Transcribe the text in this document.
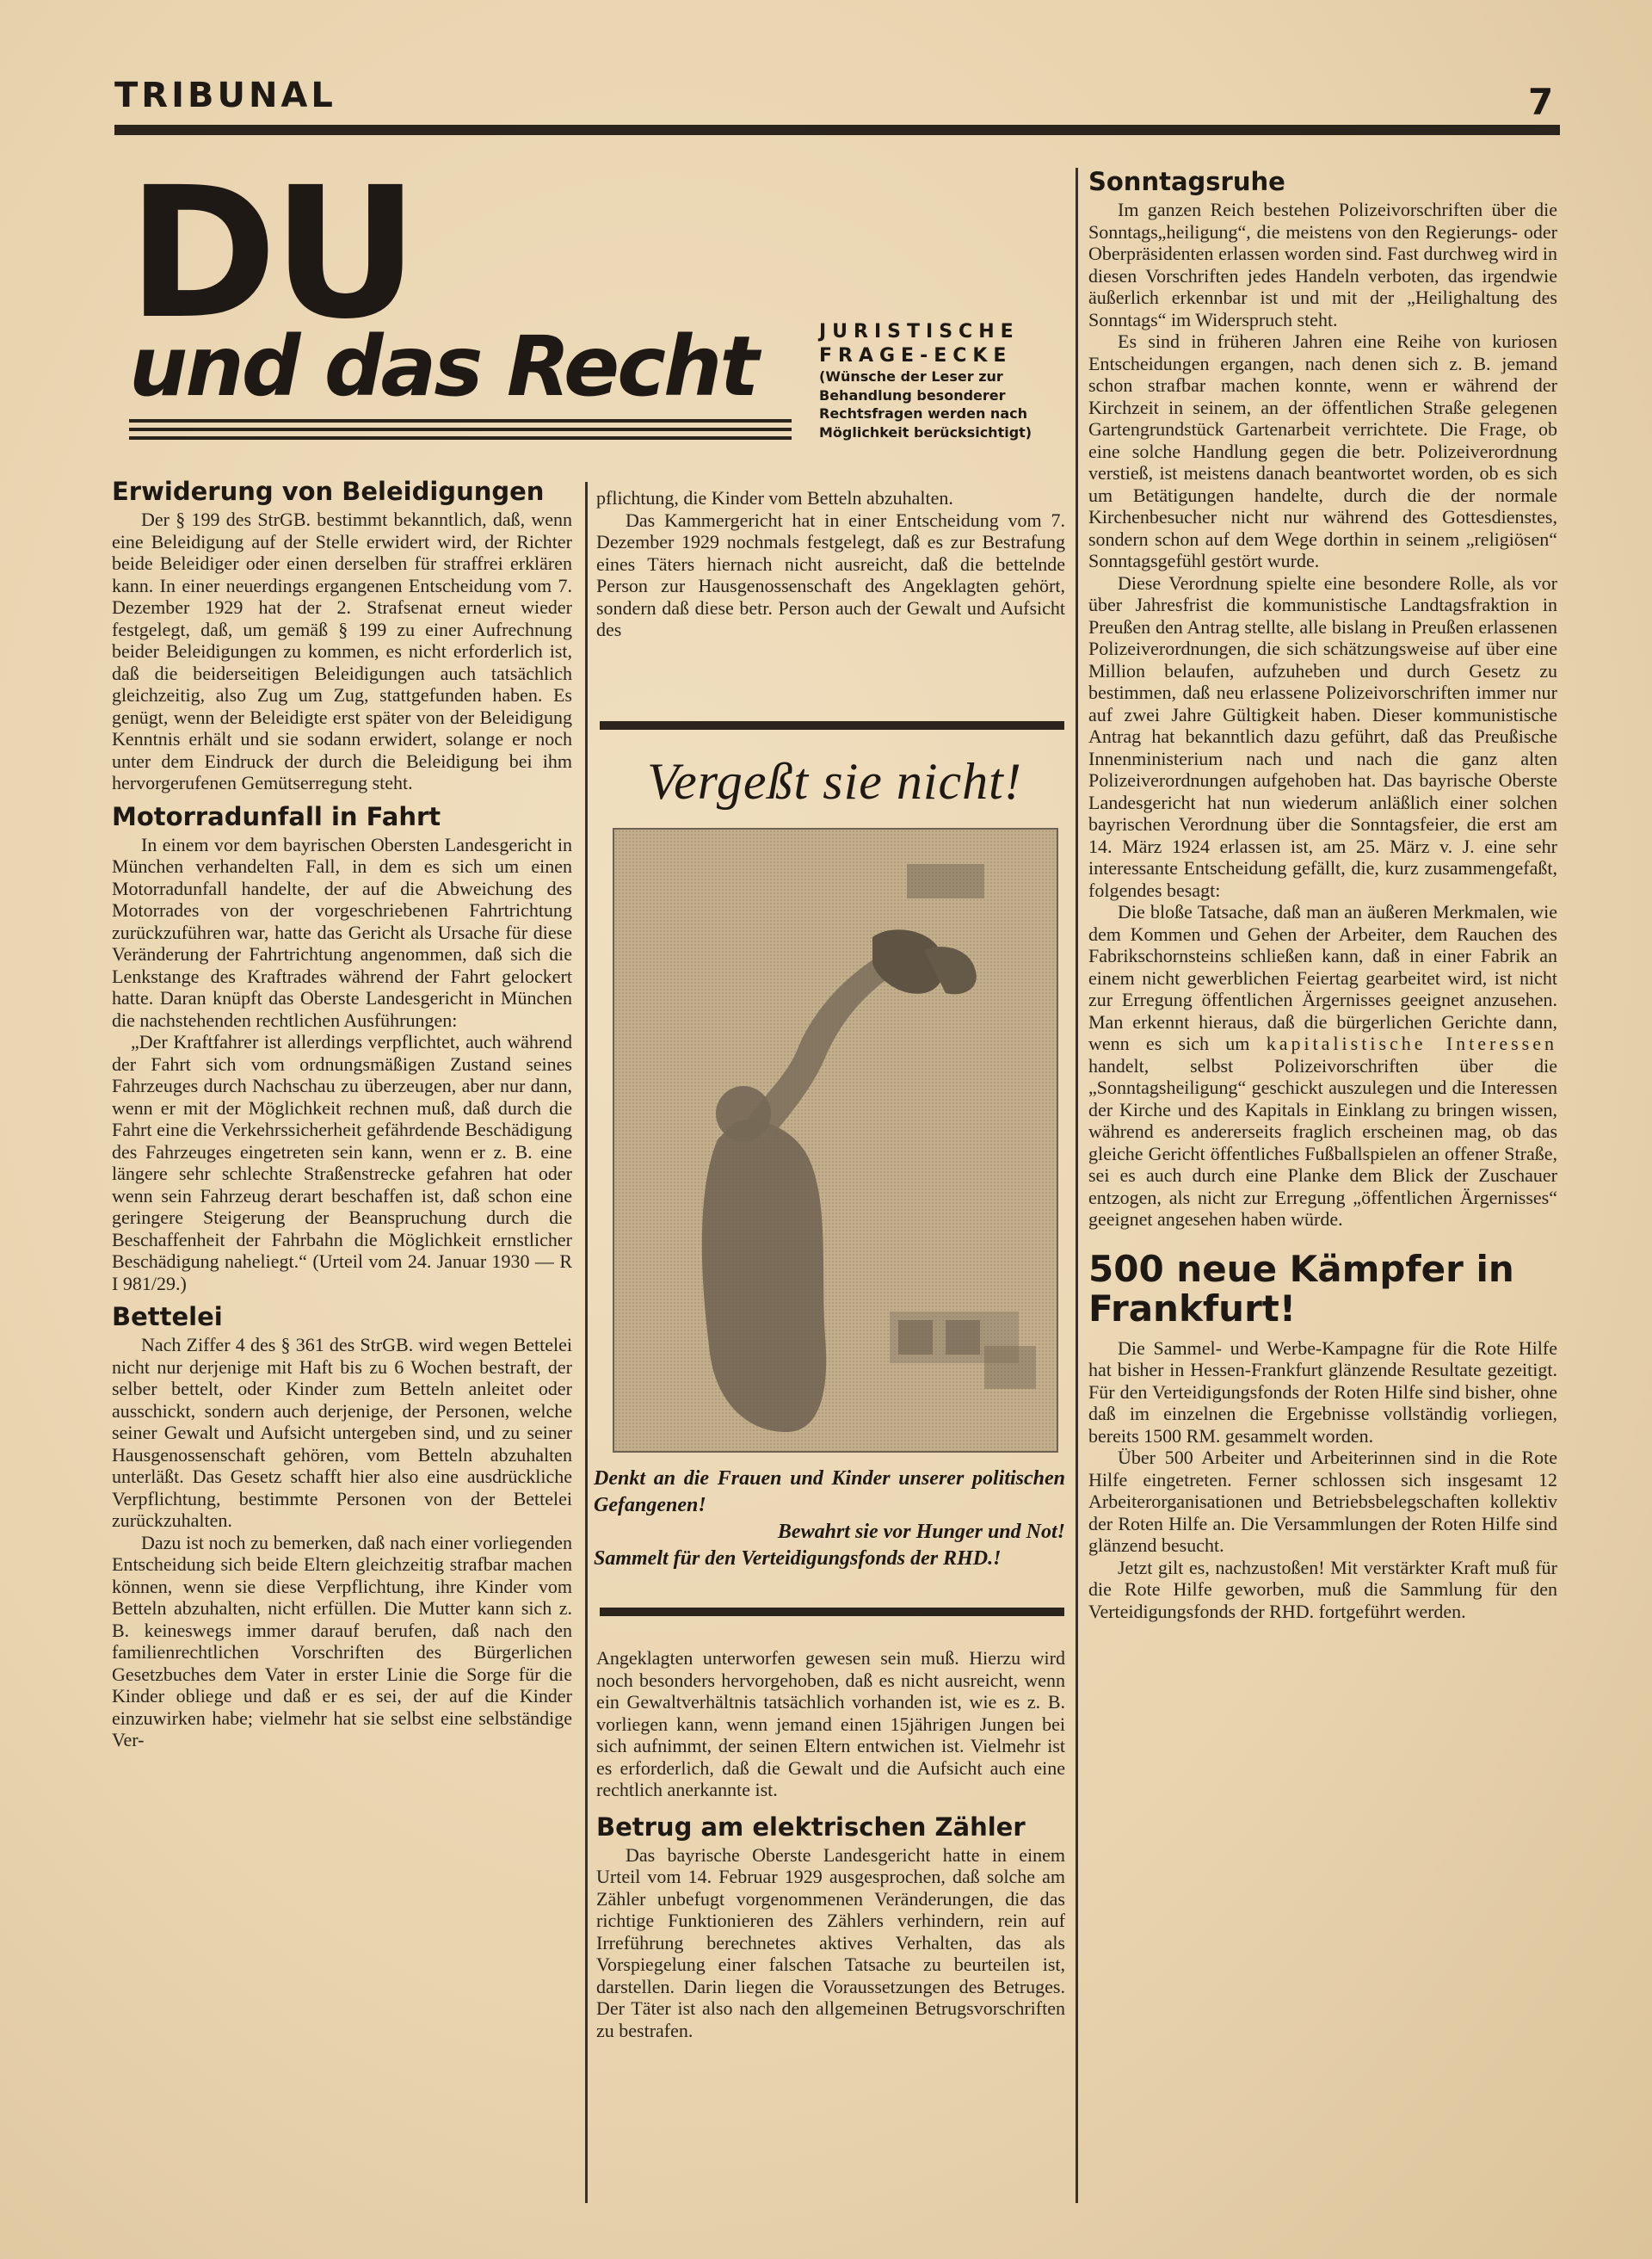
TRIBUNAL	7
DU
und das Recht	JURISTISCHE
FRAGE-ECKE
(Wünsche der Leser zur Behandlung besonderer Rechtsfragen werden nach Möglichkeit berücksichtigt)
Erwiderung von Beleidigungen

Der § 199 des StrGB. bestimmt bekanntlich, daß, wenn eine Beleidigung auf der Stelle erwidert wird, der Richter beide Beleidiger oder einen derselben für straffrei erklären kann. In einer neuerdings ergangenen Entscheidung vom 7. Dezember 1929 hat der 2. Strafsenat erneut wieder festgelegt, daß, um gemäß § 199 zu einer Aufrechnung beider Beleidigungen zu kommen, es nicht erforderlich ist, daß die beiderseitigen Beleidigungen auch tatsächlich gleichzeitig, also Zug um Zug, stattgefunden haben. Es genügt, wenn der Beleidigte erst später von der Beleidigung Kenntnis erhält und sie sodann erwidert, solange er noch unter dem Eindruck der durch die Beleidigung bei ihm hervorgerufenen Gemütserregung steht.

Motorradunfall in Fahrt

In einem vor dem bayrischen Obersten Landesgericht in München verhandelten Fall, in dem es sich um einen Motorradunfall handelte, der auf die Abweichung des Motorrades von der vorgeschriebenen Fahrtrichtung zurückzuführen war, hatte das Gericht als Ursache für diese Veränderung der Fahrtrichtung angenommen, daß sich die Lenkstange des Kraftrades während der Fahrt gelockert hatte. Daran knüpft das Oberste Landesgericht in München die nachstehenden rechtlichen Ausführungen:

„Der Kraftfahrer ist allerdings verpflichtet, auch während der Fahrt sich vom ordnungsmäßigen Zustand seines Fahrzeuges durch Nachschau zu überzeugen, aber nur dann, wenn er mit der Möglichkeit rechnen muß, daß durch die Fahrt eine die Verkehrssicherheit gefährdende Beschädigung des Fahrzeuges eingetreten sein kann, wenn er z. B. eine längere sehr schlechte Straßenstrecke gefahren hat oder wenn sein Fahrzeug derart beschaffen ist, daß schon eine geringere Steigerung der Beanspruchung durch die Beschaffenheit der Fahrbahn die Möglichkeit ernstlicher Beschädigung naheliegt.“ (Urteil vom 24. Januar 1930 — R I 981/29.)

Bettelei

Nach Ziffer 4 des § 361 des StrGB. wird wegen Bettelei nicht nur derjenige mit Haft bis zu 6 Wochen bestraft, der selber bettelt, oder Kinder zum Betteln anleitet oder ausschickt, sondern auch derjenige, der Personen, welche seiner Gewalt und Aufsicht untergeben sind, und zu seiner Hausgenossenschaft gehören, vom Betteln abzuhalten unterläßt. Das Gesetz schafft hier also eine ausdrückliche Verpflichtung, bestimmte Personen von der Bettelei zurückzuhalten.

Dazu ist noch zu bemerken, daß nach einer vorliegenden Entscheidung sich beide Eltern gleichzeitig strafbar machen können, wenn sie diese Verpflichtung, ihre Kinder vom Betteln abzuhalten, nicht erfüllen. Die Mutter kann sich z. B. keineswegs immer darauf berufen, daß nach den familienrechtlichen Vorschriften des Bürgerlichen Gesetzbuches dem Vater in erster Linie die Sorge für die Kinder obliege und daß er es sei, der auf die Kinder einzuwirken habe; vielmehr hat sie selbst eine selbständige Ver-

pflichtung, die Kinder vom Betteln abzuhalten.

Das Kammergericht hat in einer Entscheidung vom 7. Dezember 1929 nochmals festgelegt, daß es zur Bestrafung eines Täters hiernach nicht ausreicht, daß die bettelnde Person zur Hausgenossenschaft des Angeklagten gehört, sondern daß diese betr. Person auch der Gewalt und Aufsicht des

Vergeßt sie nicht!
Denkt an die Frauen und Kinder unserer politischen Gefangenen!
Bewahrt sie vor Hunger und Not!
Sammelt für den Verteidigungsfonds der RHD.!

Angeklagten unterworfen gewesen sein muß. Hierzu wird noch besonders hervorgehoben, daß es nicht ausreicht, wenn ein Gewaltverhältnis tatsächlich vorhanden ist, wie es z. B. vorliegen kann, wenn jemand einen 15jährigen Jungen bei sich aufnimmt, der seinen Eltern entwichen ist. Vielmehr ist es erforderlich, daß die Gewalt und die Aufsicht auch eine rechtlich anerkannte ist.

Betrug am elektrischen Zähler

Das bayrische Oberste Landesgericht hatte in einem Urteil vom 14. Februar 1929 ausgesprochen, daß solche am Zähler unbefugt vorgenommenen Veränderungen, die das richtige Funktionieren des Zählers verhindern, rein auf Irreführung berechnetes aktives Verhalten, das als Vorspiegelung einer falschen Tatsache zu beurteilen ist, darstellen. Darin liegen die Voraussetzungen des Betruges. Der Täter ist also nach den allgemeinen Betrugsvorschriften zu bestrafen.

Sonntagsruhe

Im ganzen Reich bestehen Polizeivorschriften über die Sonntags„heiligung“, die meistens von den Regierungs- oder Oberpräsidenten erlassen worden sind. Fast durchweg wird in diesen Vorschriften jedes Handeln verboten, das irgendwie äußerlich erkennbar ist und mit der „Heilighaltung des Sonntags“ im Widerspruch steht.

Es sind in früheren Jahren eine Reihe von kuriosen Entscheidungen ergangen, nach denen sich z. B. jemand schon strafbar machen konnte, wenn er während der Kirchzeit in seinem, an der öffentlichen Straße gelegenen Gartengrundstück Gartenarbeit verrichtete. Die Frage, ob eine solche Handlung gegen die betr. Polizeiverordnung verstieß, ist meistens danach beantwortet worden, ob es sich um Betätigungen handelte, durch die der normale Kirchenbesucher nicht nur während des Gottesdienstes, sondern schon auf dem Wege dorthin in seinem „religiösen“ Sonntagsgefühl gestört wurde.

Diese Verordnung spielte eine besondere Rolle, als vor über Jahresfrist die kommunistische Landtagsfraktion in Preußen den Antrag stellte, alle bislang in Preußen erlassenen Polizeiverordnungen, die sich schätzungsweise auf über eine Million belaufen, aufzuheben und durch Gesetz zu bestimmen, daß neu erlassene Polizeivorschriften immer nur auf zwei Jahre Gültigkeit haben. Dieser kommunistische Antrag hat bekanntlich dazu geführt, daß das Preußische Innenministerium nach und nach die ganz alten Polizeiverordnungen aufgehoben hat. Das bayrische Oberste Landesgericht hat nun wiederum anläßlich einer solchen bayrischen Verordnung über die Sonntagsfeier, die erst am 14. März 1924 erlassen ist, am 25. März v. J. eine sehr interessante Entscheidung gefällt, die, kurz zusammengefaßt, folgendes besagt:

Die bloße Tatsache, daß man an äußeren Merkmalen, wie dem Kommen und Gehen der Arbeiter, dem Rauchen des Fabrikschornsteins schließen kann, daß in einer Fabrik an einem nicht gewerblichen Feiertag gearbeitet wird, ist nicht zur Erregung öffentlichen Ärgernisses geeignet anzusehen. Man erkennt hieraus, daß die bürgerlichen Gerichte dann, wenn es sich um kapitalistische Interessen handelt, selbst Polizeivorschriften über die „Sonntagsheiligung“ geschickt auszulegen und die Interessen der Kirche und des Kapitals in Einklang zu bringen wissen, während es andererseits fraglich erscheinen mag, ob das gleiche Gericht öffentliches Fußballspielen an offener Straße, sei es auch durch eine Planke dem Blick der Zuschauer entzogen, als nicht zur Erregung „öffentlichen Ärgernisses“ geeignet angesehen haben würde.

500 neue Kämpfer in Frankfurt!

Die Sammel- und Werbe-Kampagne für die Rote Hilfe hat bisher in Hessen-Frankfurt glänzende Resultate gezeitigt. Für den Verteidigungsfonds der Roten Hilfe sind bisher, ohne daß im einzelnen die Ergebnisse vollständig vorliegen, bereits 1500 RM. gesammelt worden.

Über 500 Arbeiter und Arbeiterinnen sind in die Rote Hilfe eingetreten. Ferner schlossen sich insgesamt 12 Arbeiterorganisationen und Betriebsbelegschaften kollektiv der Roten Hilfe an. Die Versammlungen der Roten Hilfe sind glänzend besucht.

Jetzt gilt es, nachzustoßen! Mit verstärkter Kraft muß für die Rote Hilfe geworben, muß die Sammlung für den Verteidigungsfonds der RHD. fortgeführt werden.
